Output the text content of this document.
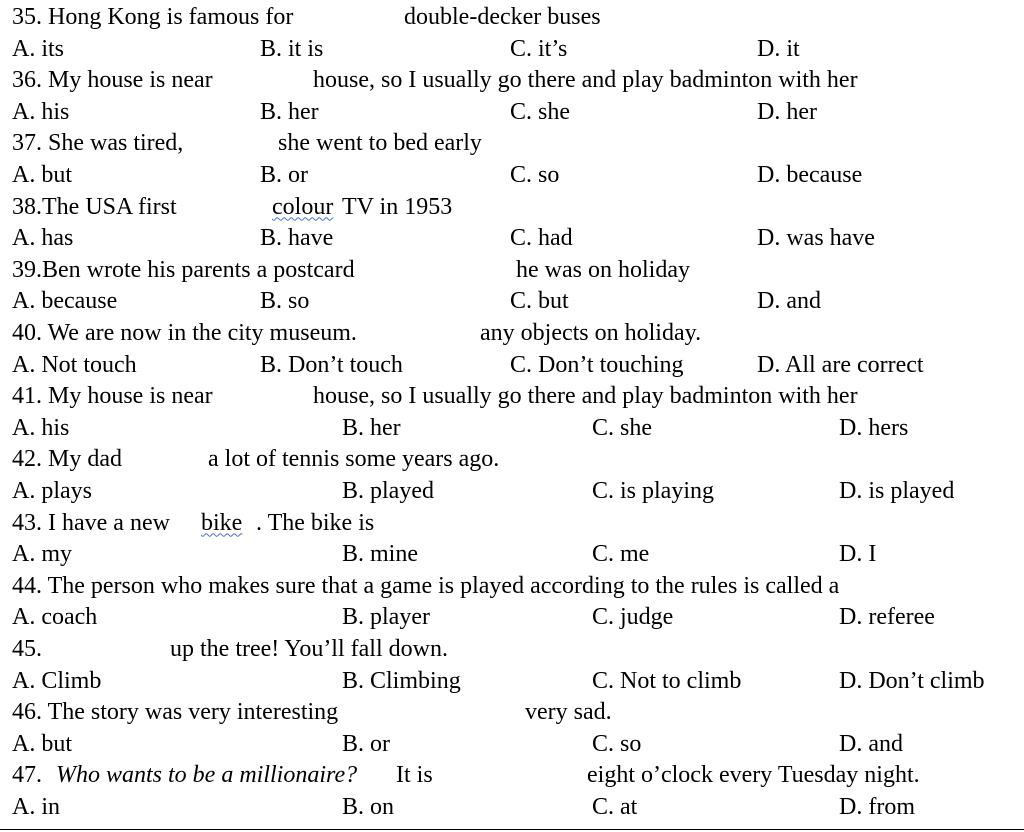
35. Hong Kong is famous for	double-decker buses
A. its	B. it is	C. it’s	D. it
36. My house is near	house, so I usually go there and play badminton with her
A. his	B. her	C. she	D. her
37. She was tired,	she went to bed early
A. but	B. or	C. so	D. because
38.The USA first	colour TV in 1953
A. has	B. have	C. had	D. was have
39.Ben wrote his parents a postcard	he was on holiday
A. because	B. so	C. but	D. and
40. We are now in the city museum.	any objects on holiday.
A. Not touch	B. Don’t touch	C. Don’t touching	D. All are correct
41. My house is near	house, so I usually go there and play badminton with her
A. his	B. her	C. she	D. hers
42. My dad	a lot of tennis some years ago.
A. plays	B. played	C. is playing	D. is played
43. I have a new bike . The bike is
A. my	B. mine	C. me	D. I
44. The person who makes sure that a game is played according to the rules is called a
A. coach	B. player	C. judge	D. referee
45.	up the tree! You’ll fall down.
A. Climb	B. Climbing	C. Not to climb	D. Don’t climb
46. The story was very interesting	very sad.
A. but	B. or	C. so	D. and
47. Who wants to be a millionaire? It is	eight o’clock every Tuesday night.
A. in	B. on	C. at	D. from
